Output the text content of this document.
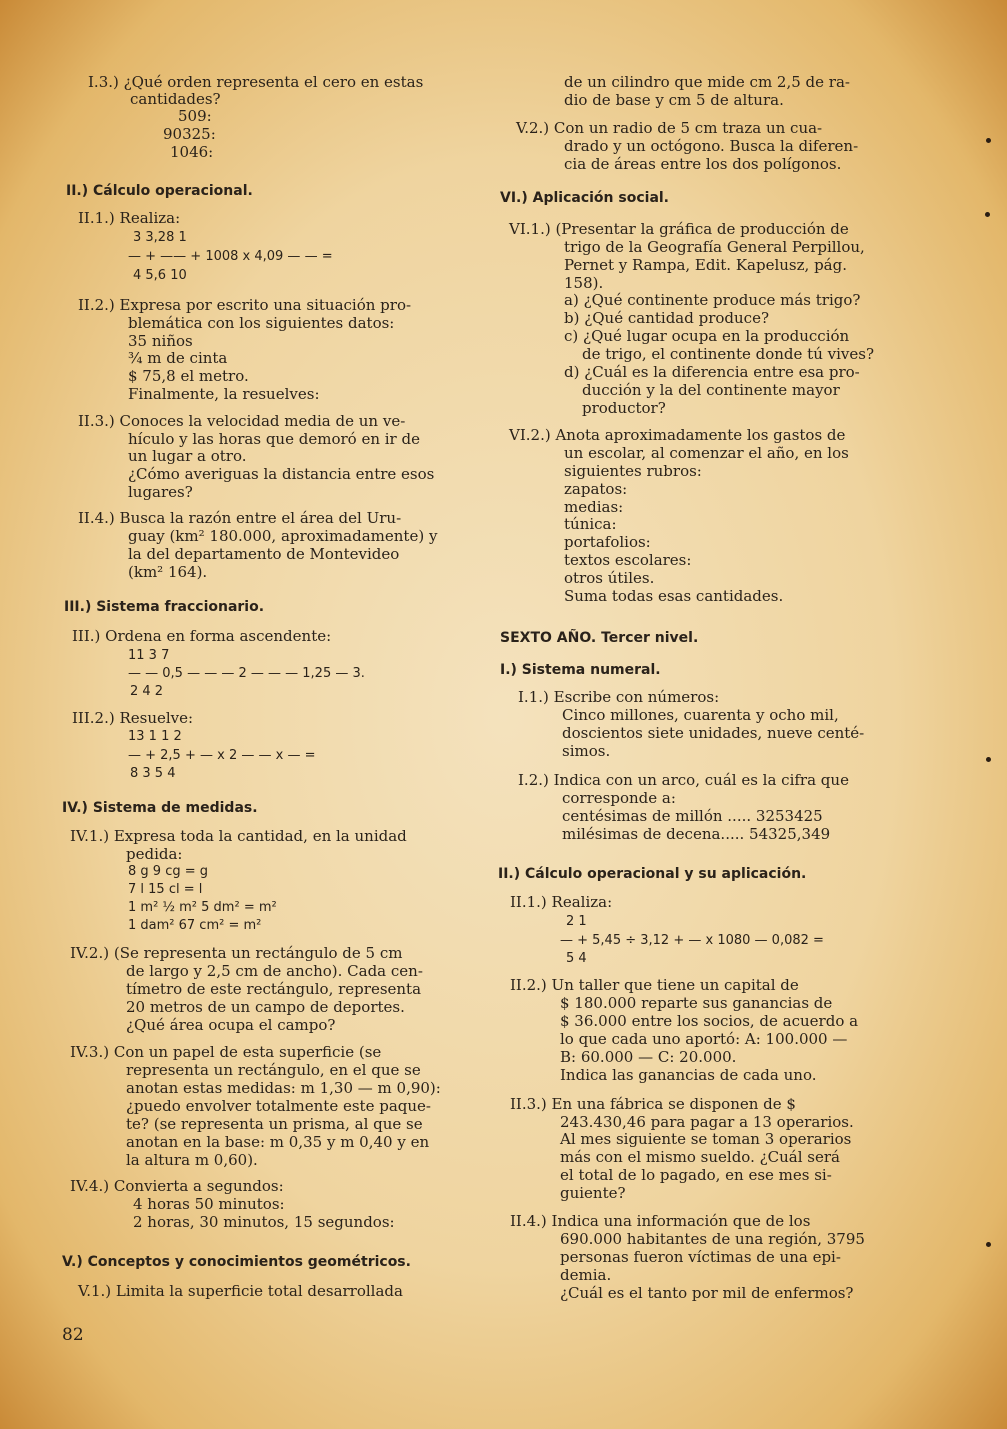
I.3.) ¿Qué orden representa el cero en estas
cantidades?
509:
90325:
1046:
II.) Cálculo operacional.
II.1.) Realiza:
3 3,28 1
— + —— + 1008 x 4,09 — — =
4 5,6 10
II.2.) Expresa por escrito una situación pro-
blemática con los siguientes datos:
35 niños
¾ m de cinta
$ 75,8 el metro.
Finalmente, la resuelves:
II.3.) Conoces la velocidad media de un ve-
hículo y las horas que demoró en ir de
un lugar a otro.
¿Cómo averiguas la distancia entre esos
lugares?
II.4.) Busca la razón entre el área del Uru-
guay (km² 180.000, aproximadamente) y
la del departamento de Montevideo
(km² 164).
III.) Sistema fraccionario.
III.) Ordena en forma ascendente:
11 3 7
— — 0,5 — — — 2 — — — 1,25 — 3.
2 4 2
III.2.) Resuelve:
13 1 1 2
— + 2,5 + — x 2 — — x — =
8 3 5 4
IV.) Sistema de medidas.
IV.1.) Expresa toda la cantidad, en la unidad
pedida:
8 g 9 cg = g
7 l 15 cl = l
1 m² ½ m² 5 dm² = m²
1 dam² 67 cm² = m²
IV.2.) (Se representa un rectángulo de 5 cm
de largo y 2,5 cm de ancho). Cada cen-
tímetro de este rectángulo, representa
20 metros de un campo de deportes.
¿Qué área ocupa el campo?
IV.3.) Con un papel de esta superficie (se
representa un rectángulo, en el que se
anotan estas medidas: m 1,30 — m 0,90):
¿puedo envolver totalmente este paque-
te? (se representa un prisma, al que se
anotan en la base: m 0,35 y m 0,40 y en
la altura m 0,60).
IV.4.) Convierta a segundos:
4 horas 50 minutos:
2 horas, 30 minutos, 15 segundos:
V.) Conceptos y conocimientos geométricos.
V.1.) Limita la superficie total desarrollada
de un cilindro que mide cm 2,5 de ra-
dio de base y cm 5 de altura.
V.2.) Con un radio de 5 cm traza un cua-
drado y un octógono. Busca la diferen-
cia de áreas entre los dos polígonos.
VI.) Aplicación social.
VI.1.) (Presentar la gráfica de producción de
trigo de la Geografía General Perpillou,
Pernet y Rampa, Edit. Kapelusz, pág.
158).
a) ¿Qué continente produce más trigo?
b) ¿Qué cantidad produce?
c) ¿Qué lugar ocupa en la producción
de trigo, el continente donde tú vives?
d) ¿Cuál es la diferencia entre esa pro-
ducción y la del continente mayor
productor?
VI.2.) Anota aproximadamente los gastos de
un escolar, al comenzar el año, en los
siguientes rubros:
zapatos:
medias:
túnica:
portafolios:
textos escolares:
otros útiles.
Suma todas esas cantidades.
SEXTO AÑO. Tercer nivel.
I.) Sistema numeral.
I.1.) Escribe con números:
Cinco millones, cuarenta y ocho mil,
doscientos siete unidades, nueve centé-
simos.
I.2.) Indica con un arco, cuál es la cifra que
corresponde a:
centésimas de millón ..... 3253425
milésimas de decena..... 54325,349
II.) Cálculo operacional y su aplicación.
II.1.) Realiza:
2 1
— + 5,45 ÷ 3,12 + — x 1080 — 0,082 =
5 4
II.2.) Un taller que tiene un capital de
$ 180.000 reparte sus ganancias de
$ 36.000 entre los socios, de acuerdo a
lo que cada uno aportó: A: 100.000 —
B: 60.000 — C: 20.000.
Indica las ganancias de cada uno.
II.3.) En una fábrica se disponen de $
243.430,46 para pagar a 13 operarios.
Al mes siguiente se toman 3 operarios
más con el mismo sueldo. ¿Cuál será
el total de lo pagado, en ese mes si-
guiente?
II.4.) Indica una información que de los
690.000 habitantes de una región, 3795
personas fueron víctimas de una epi-
demia.
¿Cuál es el tanto por mil de enfermos?
82
